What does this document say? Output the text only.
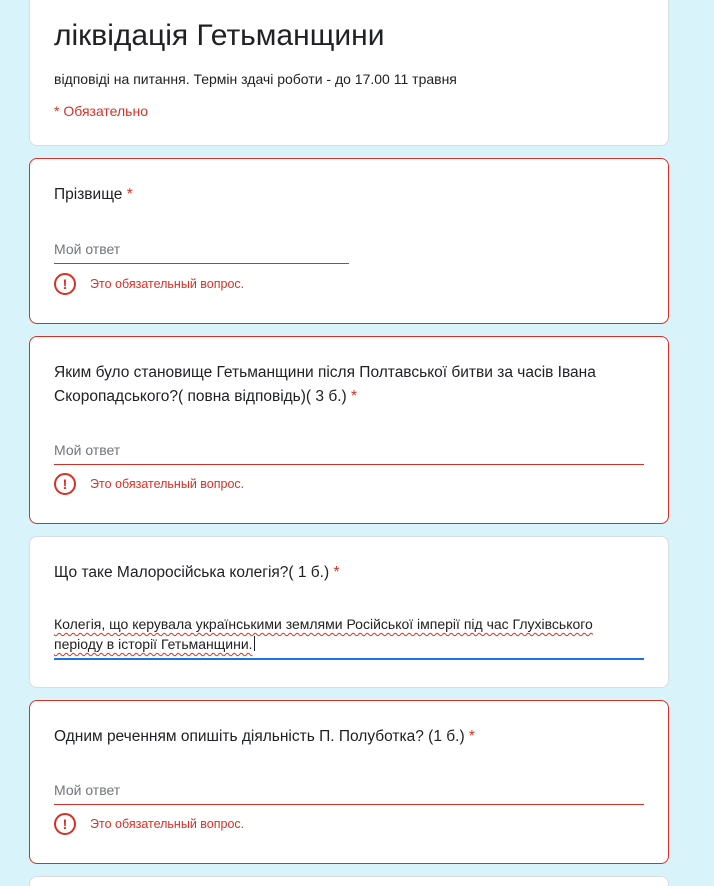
ліквідація Гетьманщини
відповіді на питання. Термін здачі роботи - до 17.00 11 травня
* Обязательно
Прізвище *
Мой ответ
!	Это обязательный вопрос.
Яким було становище Гетьманщини після Полтавської битви за часів Івана Скоропадського?( повна відповідь)( 3 б.) *
Мой ответ
!	Это обязательный вопрос.
Що таке Малоросійська колегія?( 1 б.) *
Колегія, що керувала українськими землями Російської імперії під час Глухівського періоду в історії Гетьманщини.
Одним реченням опишіть діяльність П. Полуботка? (1 б.) *
Мой ответ
!	Это обязательный вопрос.
